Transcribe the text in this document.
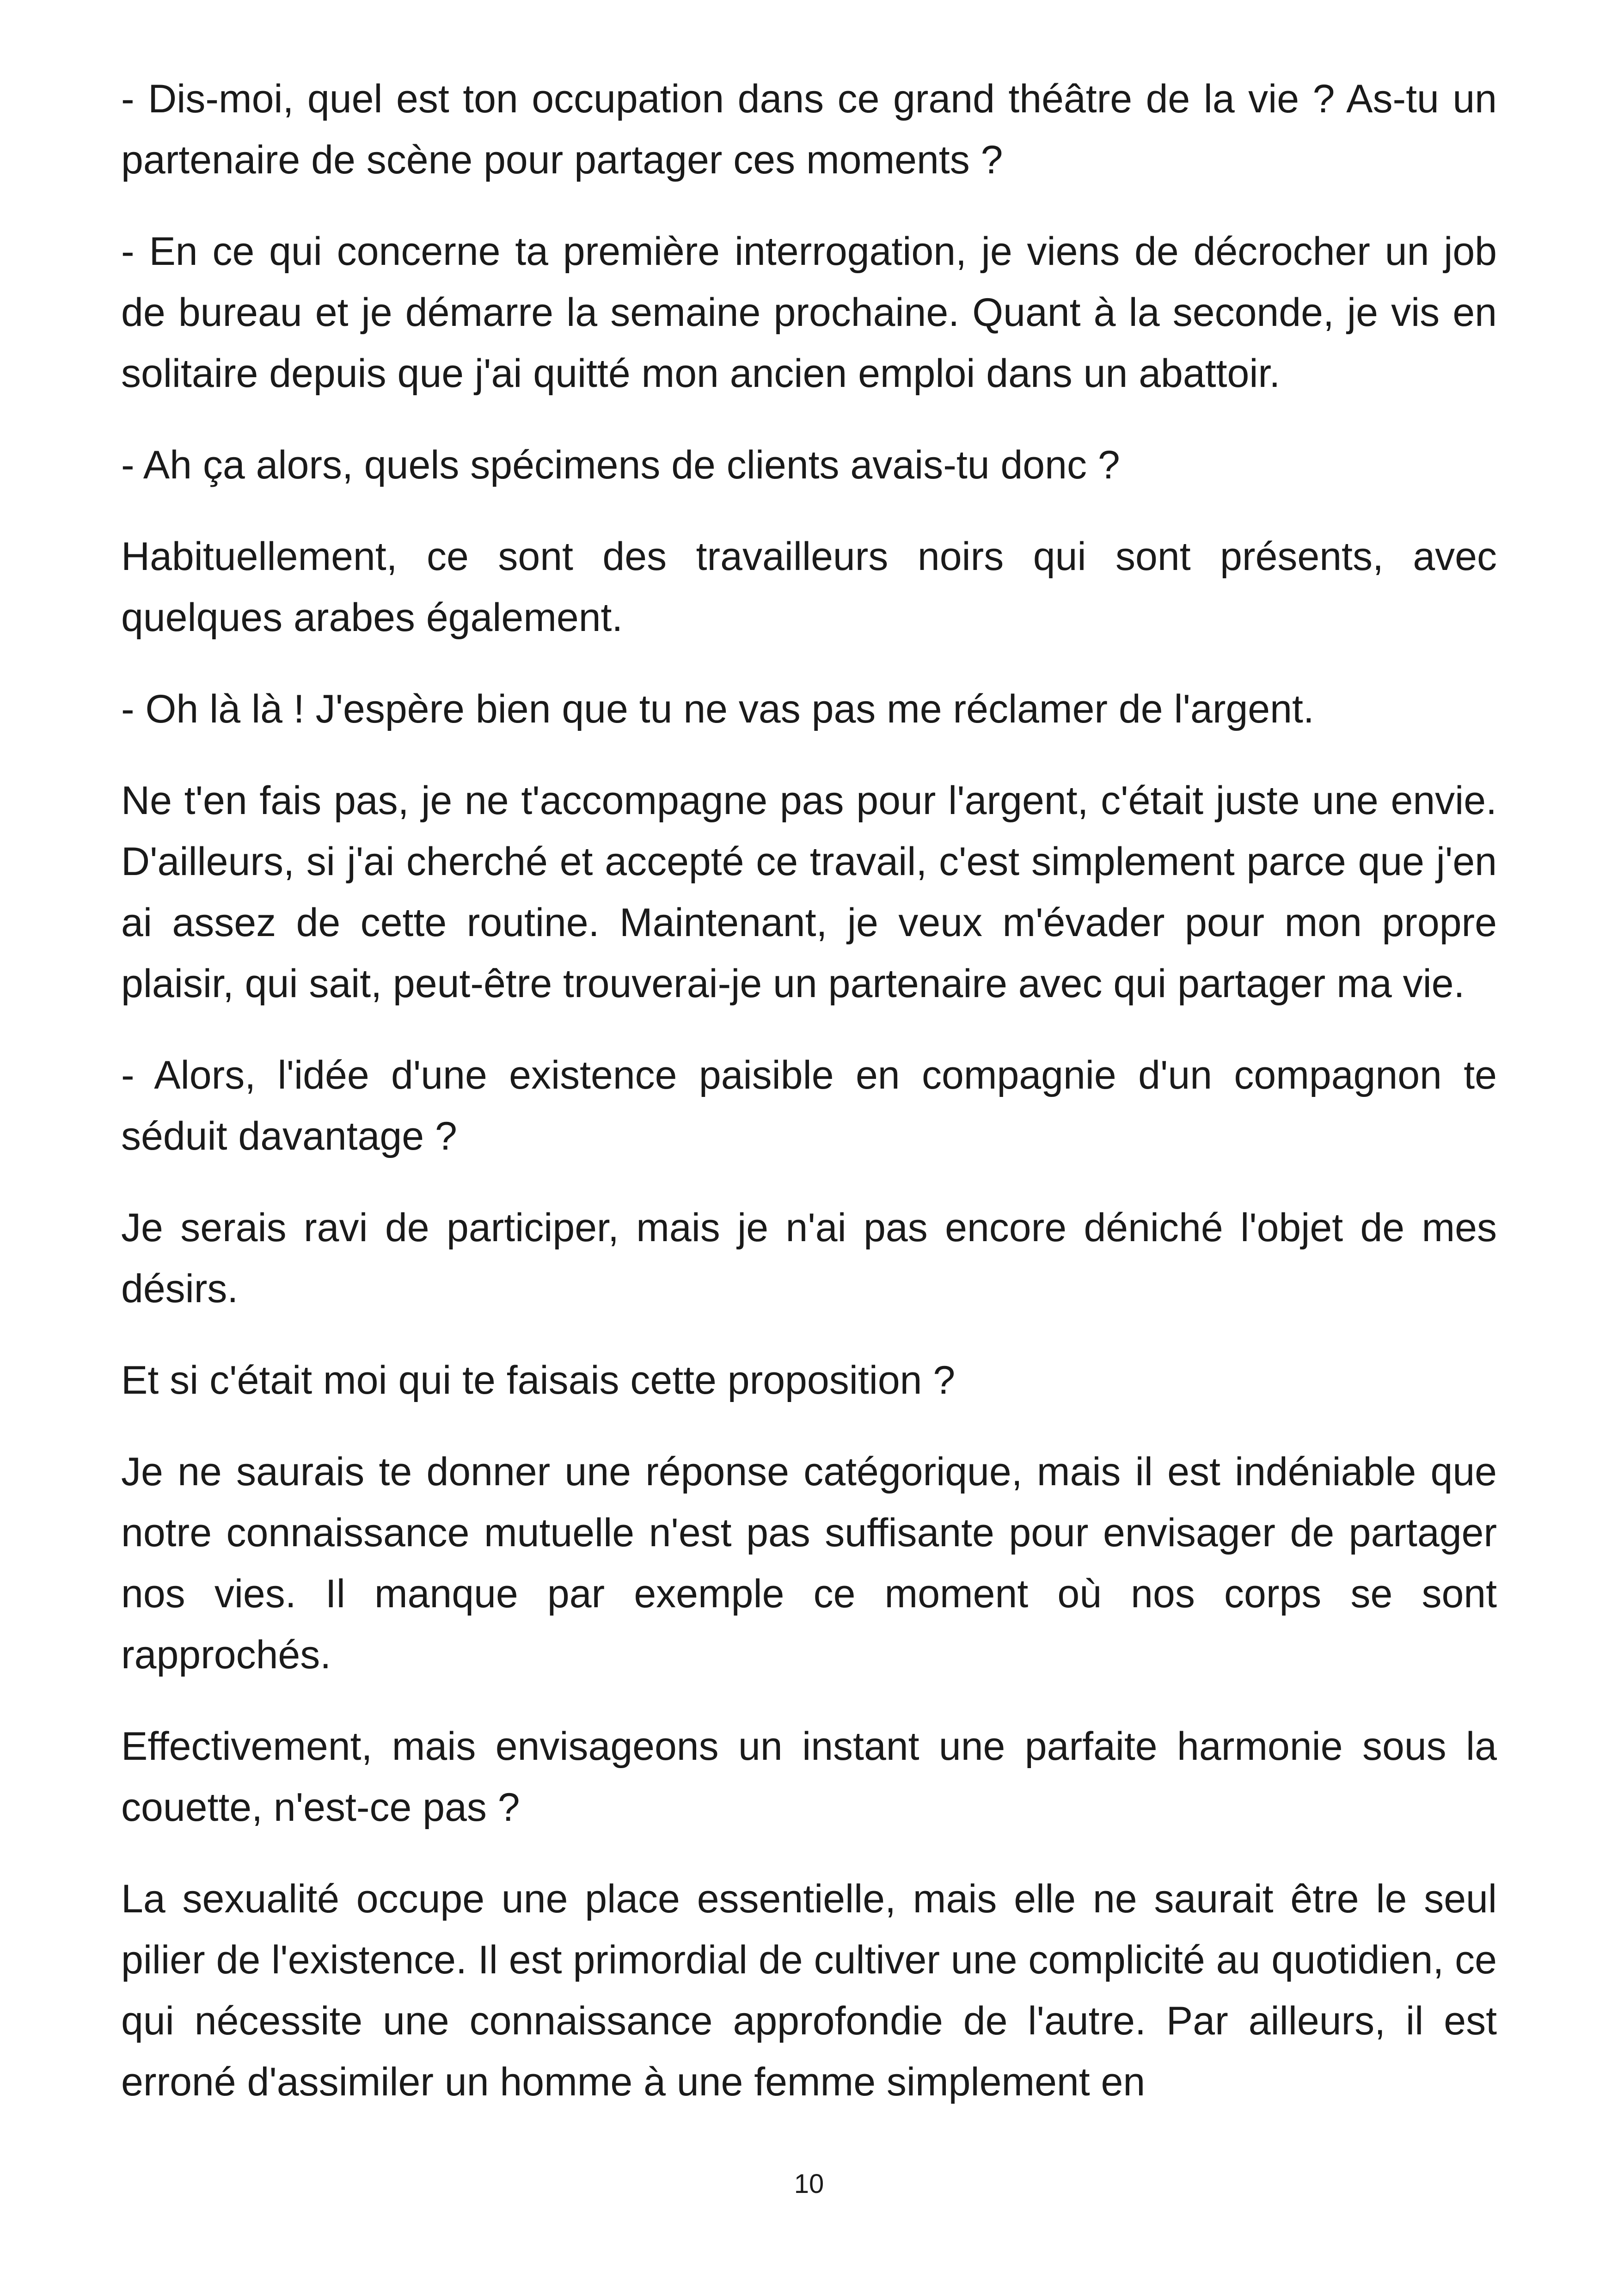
- Dis-moi, quel est ton occupation dans ce grand théâtre de la vie ? As-tu un partenaire de scène pour partager ces moments ?

- En ce qui concerne ta première interrogation, je viens de décrocher un job de bureau et je démarre la semaine prochaine. Quant à la seconde, je vis en solitaire depuis que j'ai quitté mon ancien emploi dans un abattoir.

- Ah ça alors, quels spécimens de clients avais-tu donc ?

Habituellement, ce sont des travailleurs noirs qui sont présents, avec quelques arabes également.

- Oh là là ! J'espère bien que tu ne vas pas me réclamer de l'argent.

Ne t'en fais pas, je ne t'accompagne pas pour l'argent, c'était juste une envie. D'ailleurs, si j'ai cherché et accepté ce travail, c'est simplement parce que j'en ai assez de cette routine. Maintenant, je veux m'évader pour mon propre plaisir, qui sait, peut-être trouverai-je un partenaire avec qui partager ma vie.

- Alors, l'idée d'une existence paisible en compagnie d'un compagnon te séduit davantage ?

Je serais ravi de participer, mais je n'ai pas encore déniché l'objet de mes désirs.

Et si c'était moi qui te faisais cette proposition ?

Je ne saurais te donner une réponse catégorique, mais il est indéniable que notre connaissance mutuelle n'est pas suffisante pour envisager de partager nos vies. Il manque par exemple ce moment où nos corps se sont rapprochés.

Effectivement, mais envisageons un instant une parfaite harmonie sous la couette, n'est-ce pas ?

La sexualité occupe une place essentielle, mais elle ne saurait être le seul pilier de l'existence. Il est primordial de cultiver une complicité au quotidien, ce qui nécessite une connaissance approfondie de l'autre. Par ailleurs, il est erroné d'assimiler un homme à une femme simplement en

10
